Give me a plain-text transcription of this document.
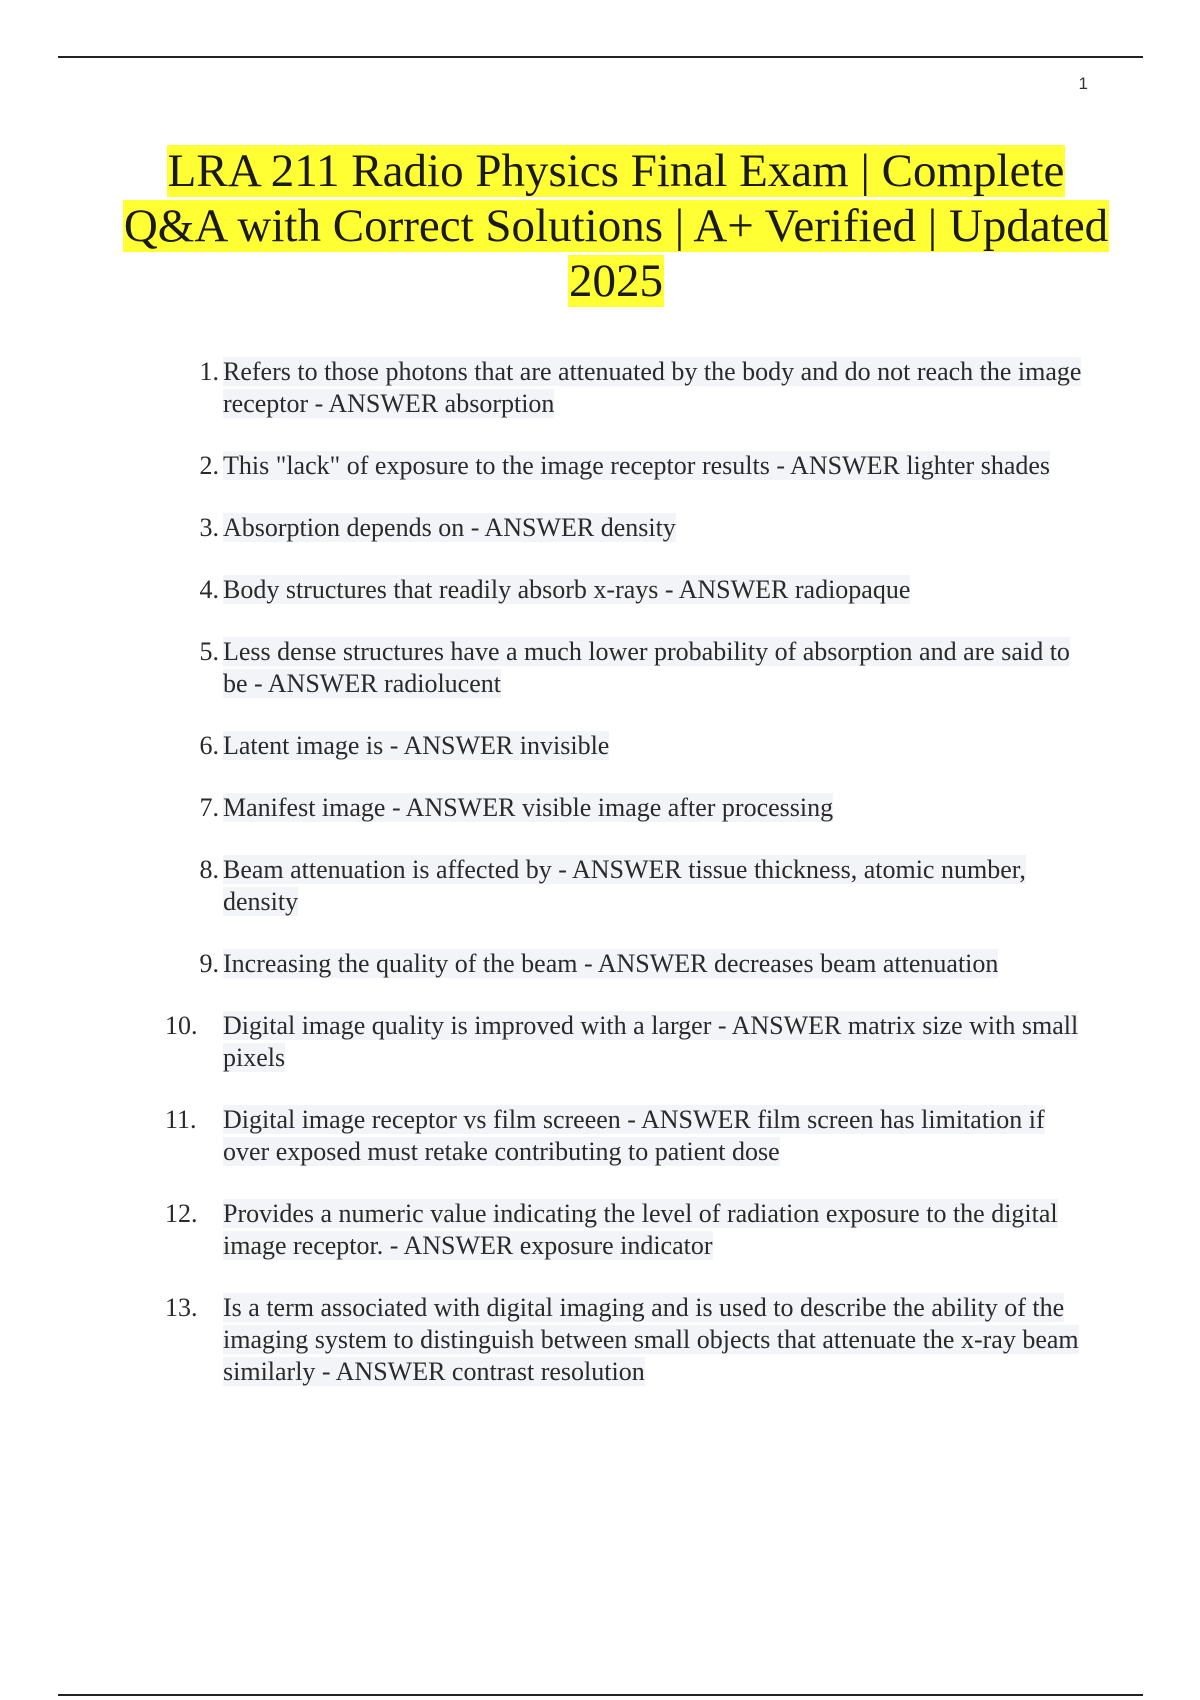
1
LRA 211 Radio Physics Final Exam | Complete Q&A with Correct Solutions | A+ Verified | Updated 2025
1. Refers to those photons that are attenuated by the body and do not reach the image receptor - ANSWER absorption
2. This "lack" of exposure to the image receptor results - ANSWER lighter shades
3. Absorption depends on - ANSWER density
4. Body structures that readily absorb x-rays - ANSWER radiopaque
5. Less dense structures have a much lower probability of absorption and are said to be - ANSWER radiolucent
6. Latent image is - ANSWER invisible
7. Manifest image - ANSWER visible image after processing
8. Beam attenuation is affected by - ANSWER tissue thickness, atomic number, density
9. Increasing the quality of the beam - ANSWER decreases beam attenuation
10. Digital image quality is improved with a larger - ANSWER matrix size with small pixels
11.	Digital image receptor vs film screeen - ANSWER film screen has limitation if over exposed must retake contributing to patient dose
12. Provides a numeric value indicating the level of radiation exposure to the digital image receptor. - ANSWER exposure indicator
13. Is a term associated with digital imaging and is used to describe the ability of the imaging system to distinguish between small objects that attenuate the x-ray beam similarly - ANSWER contrast resolution
